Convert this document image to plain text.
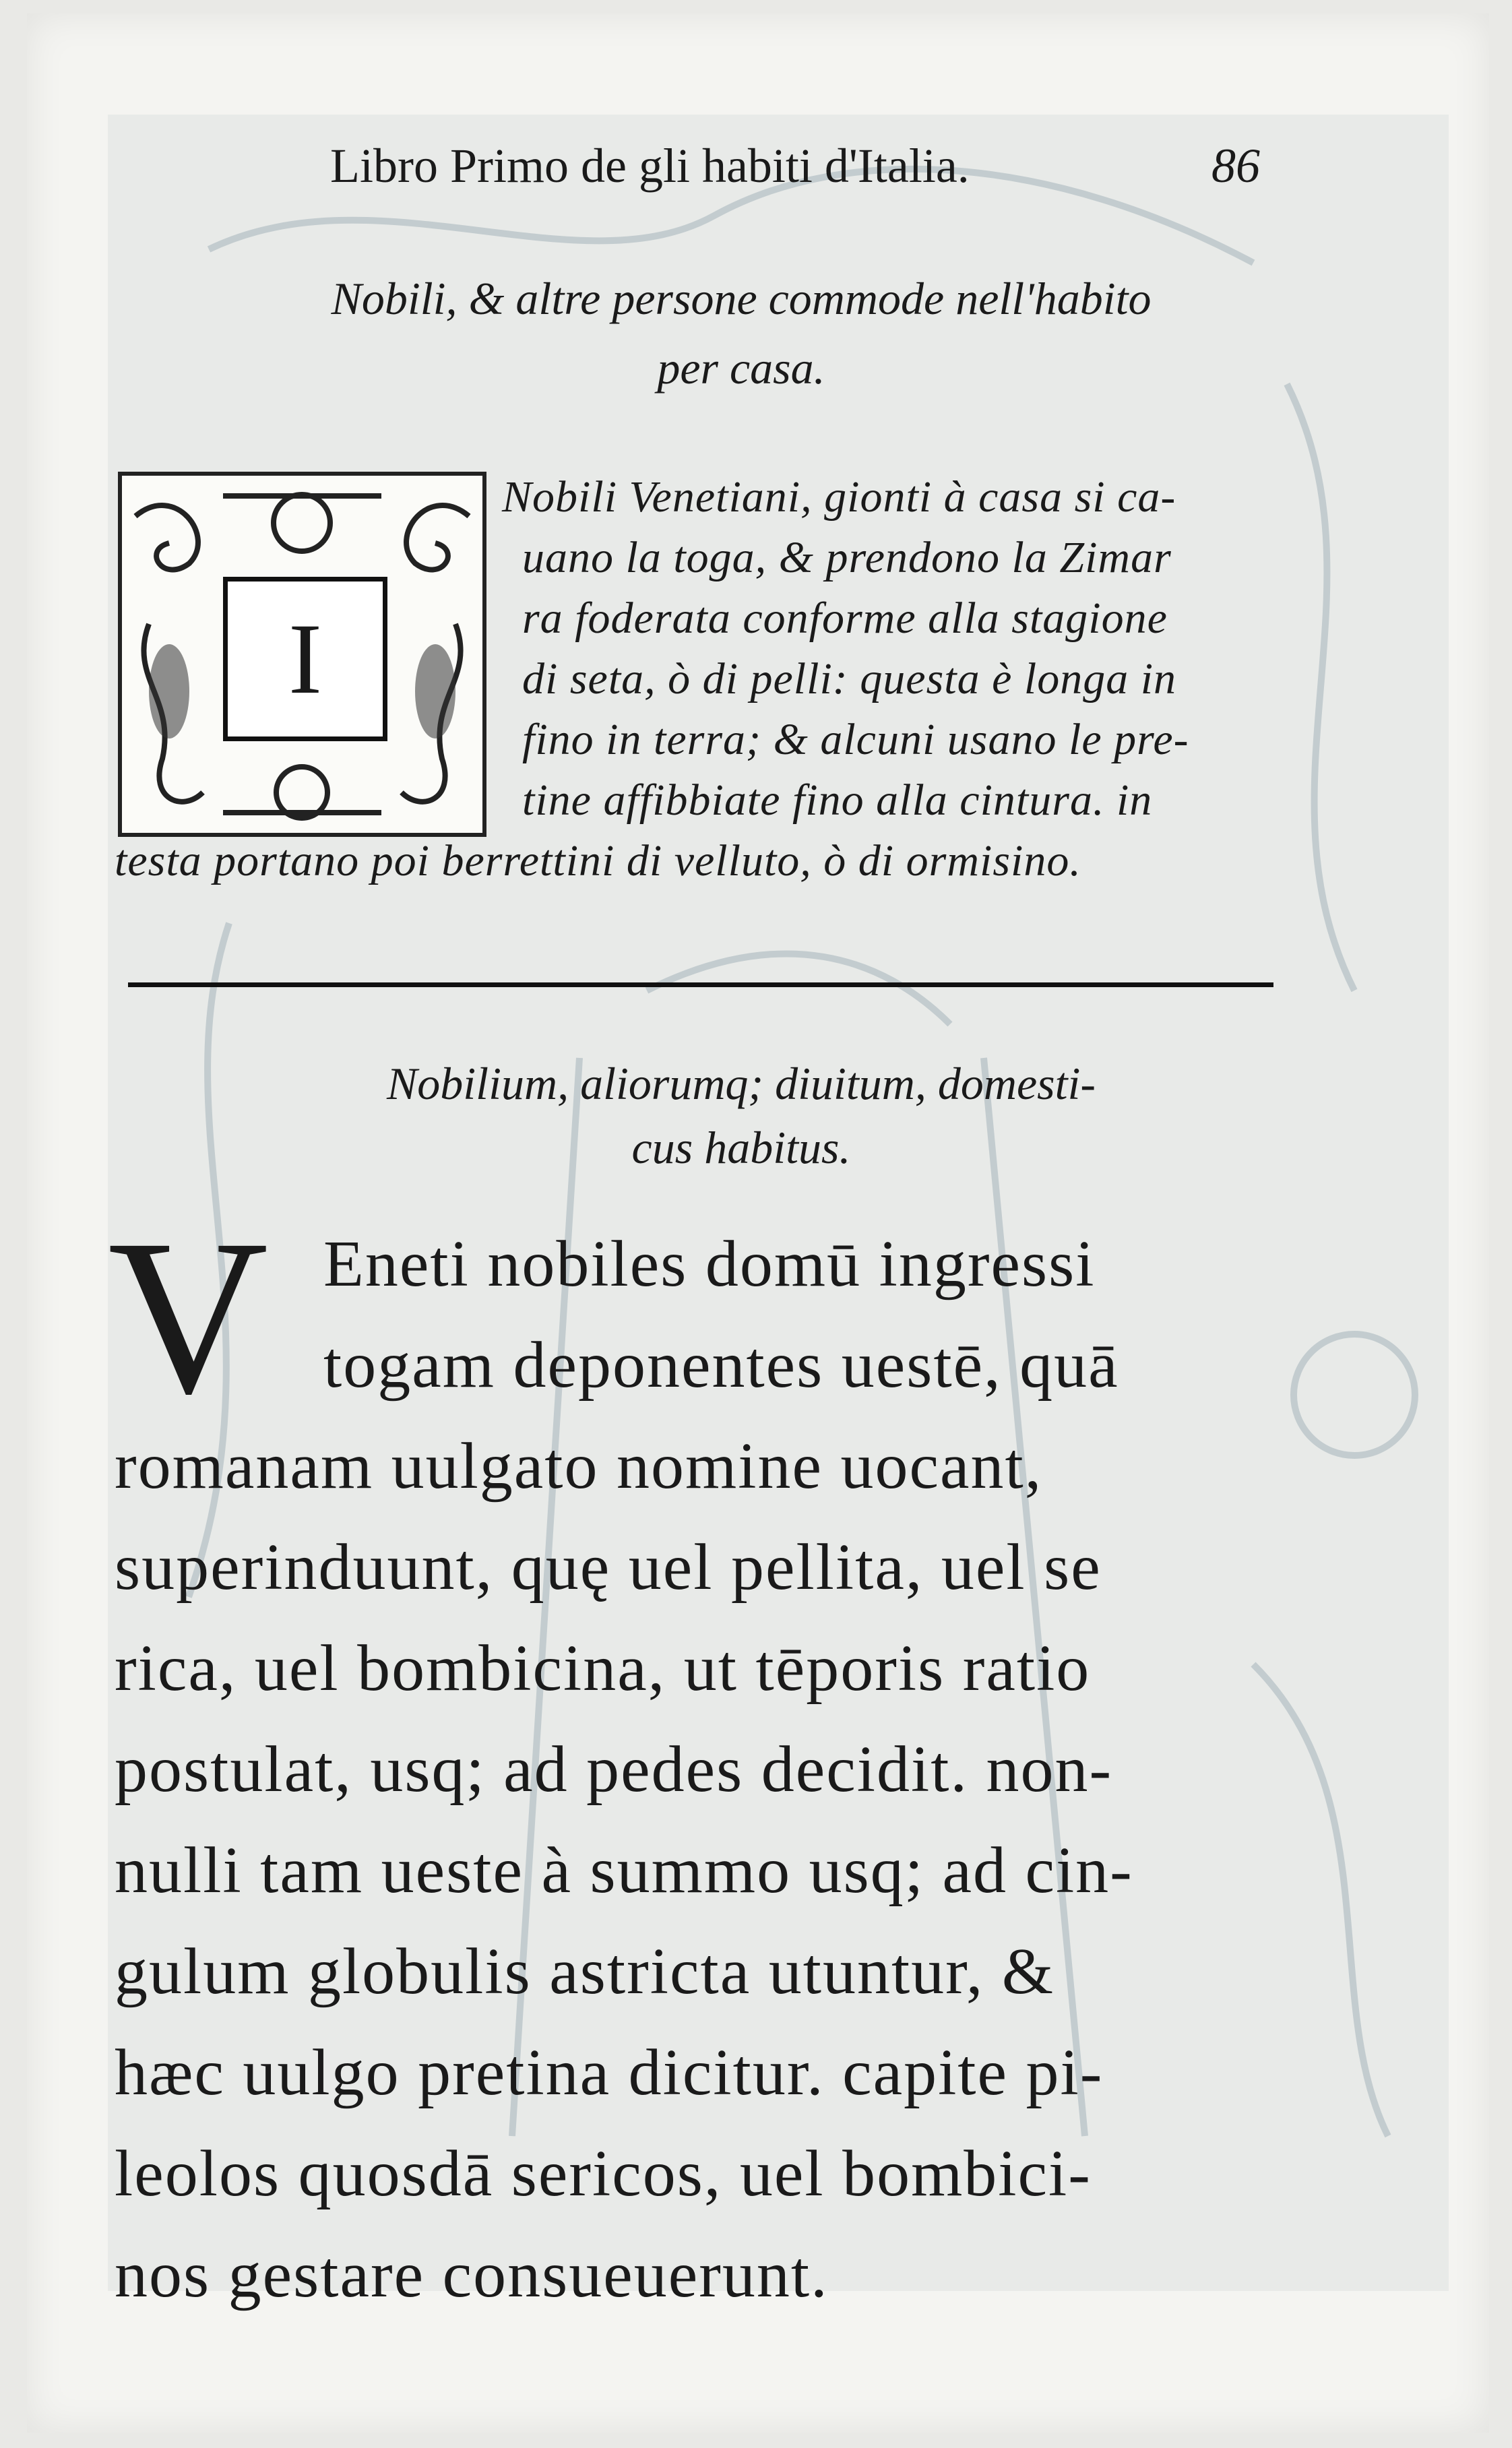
Libro Primo de gli habiti d'Italia.	86
Nobili, & altre persone commode nell'habito
per casa.
I
Nobili Venetiani, gionti à casa si ca-
uano la toga, & prendono la Zimar
ra foderata conforme alla stagione
di seta, ò di pelli: questa è longa in
fino in terra; & alcuni usano le pre-
tine affibbiate fino alla cintura. in
testa portano poi berrettini di velluto, ò di ormisino.
Nobilium, aliorumq; diuitum, domesti-
cus habitus.
V Eneti nobiles domū ingressi
togam deponentes uestē, quā
romanam uulgato nomine uocant,
superinduunt, quę uel pellita, uel se
rica, uel bombicina, ut tēporis ratio
postulat, usq; ad pedes decidit. non-
nulli tam ueste à summo usq; ad cin-
gulum globulis astricta utuntur, &
hæc uulgo pretina dicitur. capite pi-
leolos quosdā sericos, uel bombici-
nos gestare consueuerunt.
